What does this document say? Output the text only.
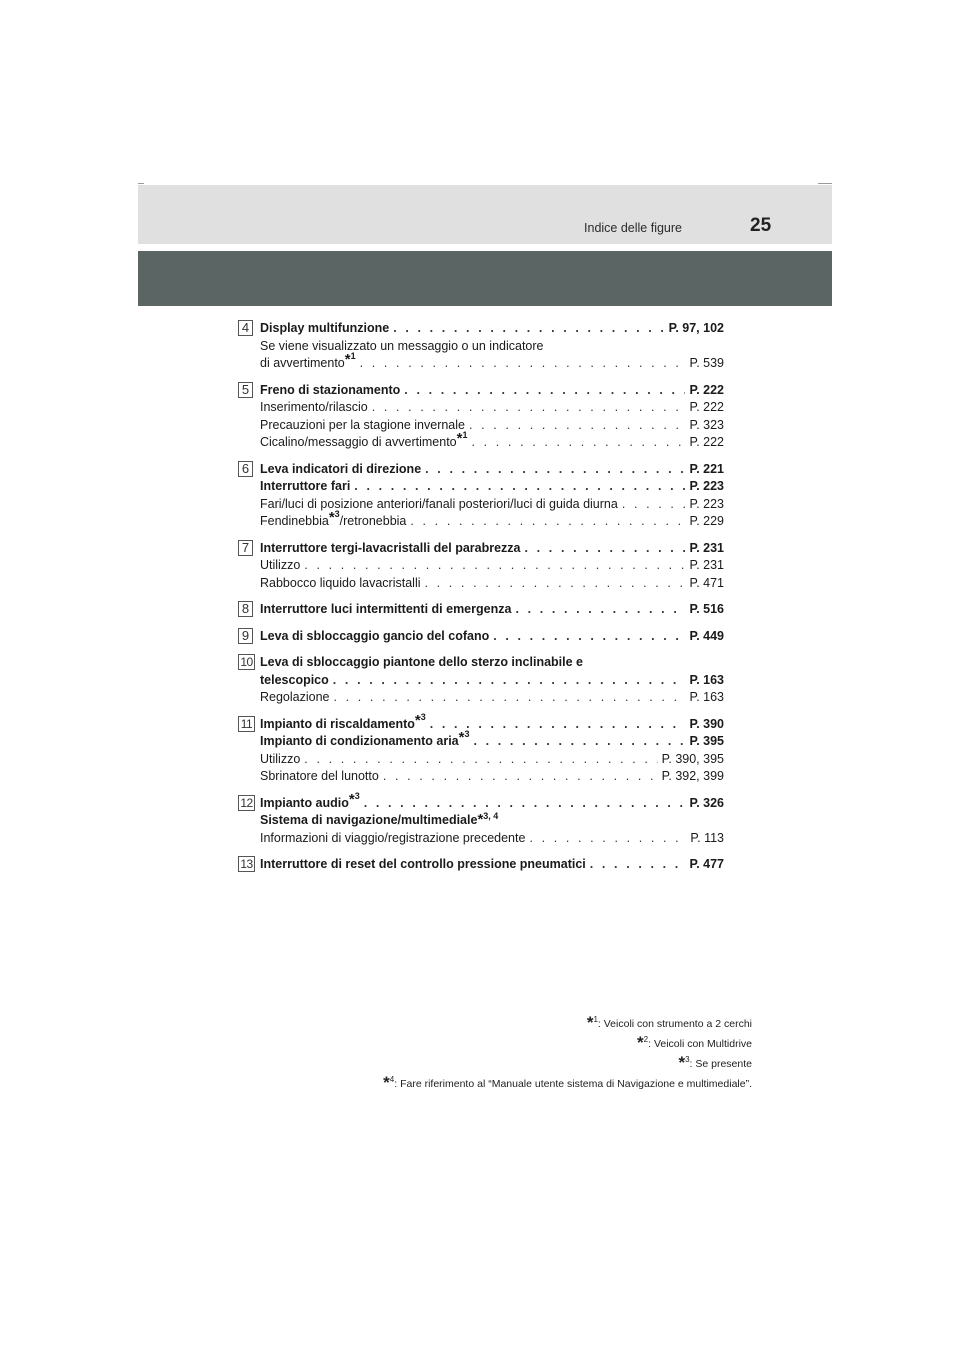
Indice delle figure	25
4 Display multifunzione . . .	P. 97, 102
Se viene visualizzato un messaggio o un indicatore
di avvertimento$^{*^1}$ . . .	P. 539
5 Freno di stazionamento . . .	P. 222
Inserimento/rilascio . . .	P. 222
Precauzioni per la stagione invernale . . .	P. 323
Cicalino/messaggio di avvertimento$^{*^1}$ . . .	P. 222
6 Leva indicatori di direzione . . .	P. 221
Interruttore fari . . .	P. 223
Fari/luci di posizione anteriori/fanali posteriori/luci di guida diurna . . .	P. 223
Fendinebbia$^{*^3}$/retronebbia . . .	P. 229
7 Interruttore tergi-lavacristalli del parabrezza . . .	P. 231
Utilizzo . . .	P. 231
Rabbocco liquido lavacristalli . . .	P. 471
8 Interruttore luci intermittenti di emergenza . . .	P. 516
9 Leva di sbloccaggio gancio del cofano . . .	P. 449
10 Leva di sbloccaggio piantone dello sterzo inclinabile e
telescopico . . .	P. 163
Regolazione . . .	P. 163
11 Impianto di riscaldamento$^{*^3}$ . . .	P. 390
Impianto di condizionamento aria$^{*^3}$ . . .	P. 395
Utilizzo . . .	P. 390, 395
Sbrinatore del lunotto . . .	P. 392, 399
12 Impianto audio$^{*^3}$ . . .	P. 326
Sistema di navigazione/multimediale *$^{3, 4}$
Informazioni di viaggio/registrazione precedente . . .	P. 113
13 Interruttore di reset del controllo pressione pneumatici . . .	P. 477
*$^1$: Veicoli con strumento a 2 cerchi
*$^2$: Veicoli con Multidrive
*$^3$: Se presente
*$^4$: Fare riferimento al “Manuale utente sistema di Navigazione e multimediale”.
